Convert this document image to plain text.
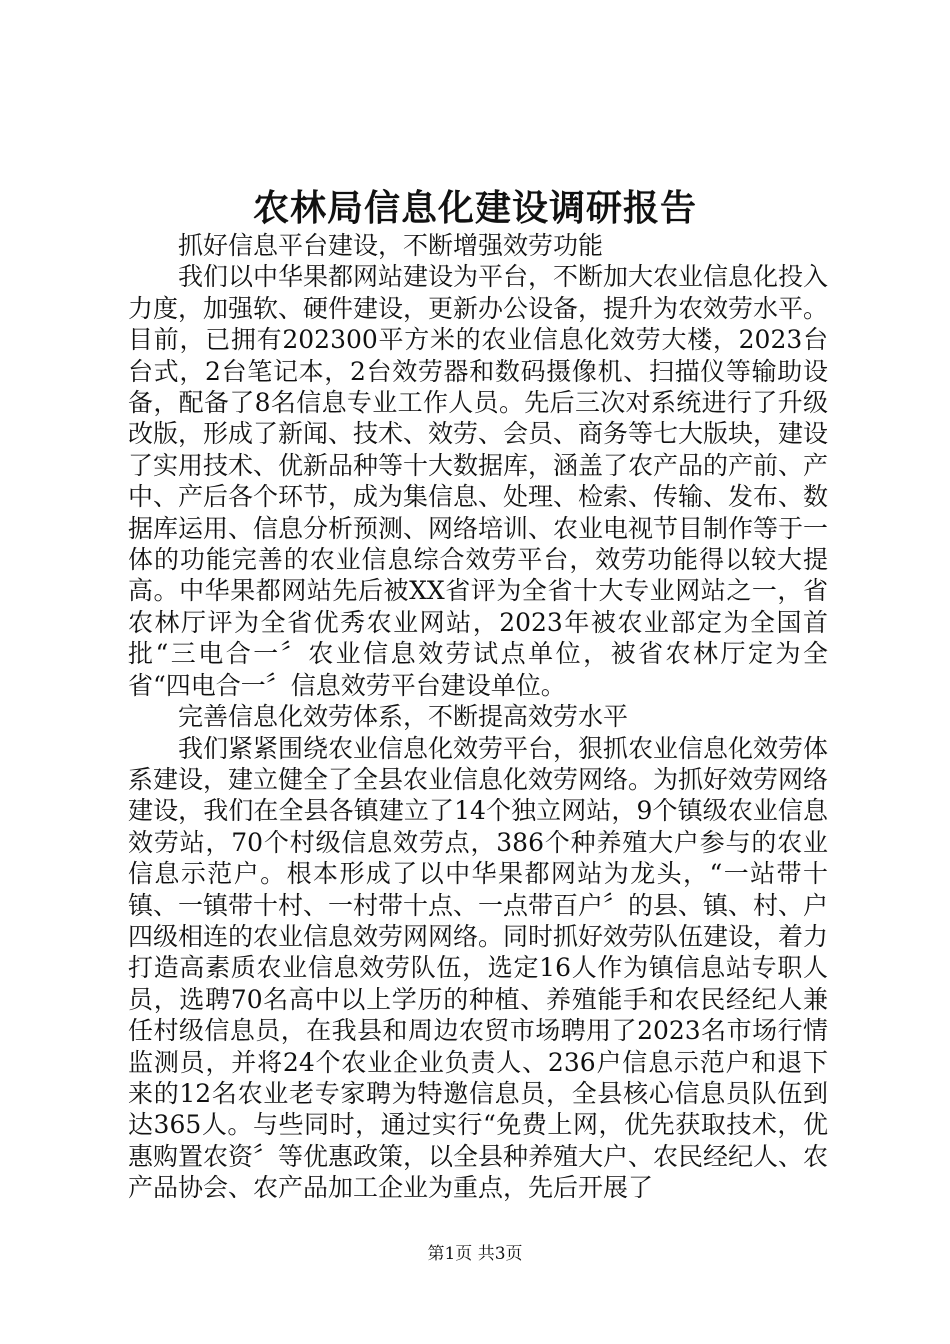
农林局信息化建设调研报告

抓好信息平台建设，不断增强效劳功能

我们以中华果都网站建设为平台，不断加大农业信息化投入力度，加强软、硬件建设，更新办公设备，提升为农效劳水平。目前，已拥有202300平方米的农业信息化效劳大楼，2023台台式，2台笔记本，2台效劳器和数码摄像机、扫描仪等输助设备，配备了8名信息专业工作人员。先后三次对系统进行了升级改版，形成了新闻、技术、效劳、会员、商务等七大版块，建设了实用技术、优新品种等十大数据库，涵盖了农产品的产前、产中、产后各个环节，成为集信息、处理、检索、传输、发布、数据库运用、信息分析预测、网络培训、农业电视节目制作等于一体的功能完善的农业信息综合效劳平台，效劳功能得以较大提高。中华果都网站先后被XX省评为全省十大专业网站之一，省农林厅评为全省优秀农业网站，2023年被农业部定为全国首批“三电合一〞农业信息效劳试点单位，被省农林厅定为全省“四电合一〞信息效劳平台建设单位。

完善信息化效劳体系，不断提高效劳水平

我们紧紧围绕农业信息化效劳平台，狠抓农业信息化效劳体系建设，建立健全了全县农业信息化效劳网络。为抓好效劳网络建设，我们在全县各镇建立了14个独立网站，9个镇级农业信息效劳站，70个村级信息效劳点，386个种养殖大户参与的农业信息示范户。根本形成了以中华果都网站为龙头，“一站带十镇、一镇带十村、一村带十点、一点带百户〞的县、镇、村、户四级相连的农业信息效劳网网络。同时抓好效劳队伍建设，着力打造高素质农业信息效劳队伍，选定16人作为镇信息站专职人员，选聘70名高中以上学历的种植、养殖能手和农民经纪人兼任村级信息员，在我县和周边农贸市场聘用了2023名市场行情监测员，并将24个农业企业负责人、236户信息示范户和退下来的12名农业老专家聘为特邀信息员，全县核心信息员队伍到达365人。与些同时，通过实行“免费上网，优先获取技术，优惠购置农资〞等优惠政策，以全县种养殖大户、农民经纪人、农产品协会、农产品加工企业为重点，先后开展了

第1页 共3页
